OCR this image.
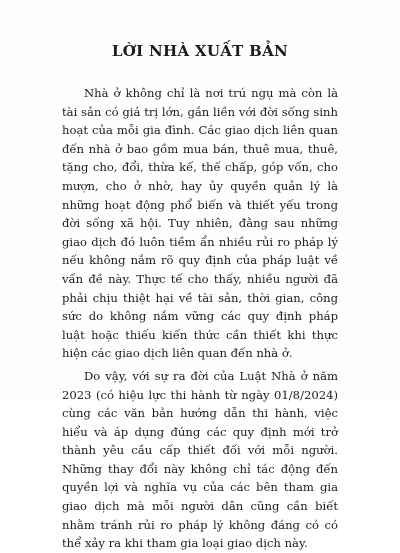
LỜI NHÀ XUẤT BẢN

Nhà ở không chỉ là nơi trú ngụ mà còn là tài sản có giá trị lớn, gắn liền với đời sống sinh hoạt của mỗi gia đình. Các giao dịch liên quan đến nhà ở bao gồm mua bán, thuê mua, thuê, tặng cho, đổi, thừa kế, thế chấp, góp vốn, cho mượn, cho ở nhờ, hay ủy quyền quản lý là những hoạt động phổ biến và thiết yếu trong đời sống xã hội. Tuy nhiên, đằng sau những giao dịch đó luôn tiềm ẩn nhiều rủi ro pháp lý nếu không nắm rõ quy định của pháp luật về vấn đề này. Thực tế cho thấy, nhiều người đã phải chịu thiệt hại về tài sản, thời gian, công sức do không nắm vững các quy định pháp luật hoặc thiếu kiến thức cần thiết khi thực hiện các giao dịch liên quan đến nhà ở.

Do vậy, với sự ra đời của Luật Nhà ở năm 2023 (có hiệu lực thi hành từ ngày 01/8/2024) cùng các văn bản hướng dẫn thi hành, việc hiểu và áp dụng đúng các quy định mới trở thành yêu cầu cấp thiết đối với mỗi người. Những thay đổi này không chỉ tác động đến quyền lợi và nghĩa vụ của các bên tham gia giao dịch mà mỗi người dân cũng cần biết nhằm tránh rủi ro pháp lý không đáng có có thể xảy ra khi tham gia loại giao dịch này.
